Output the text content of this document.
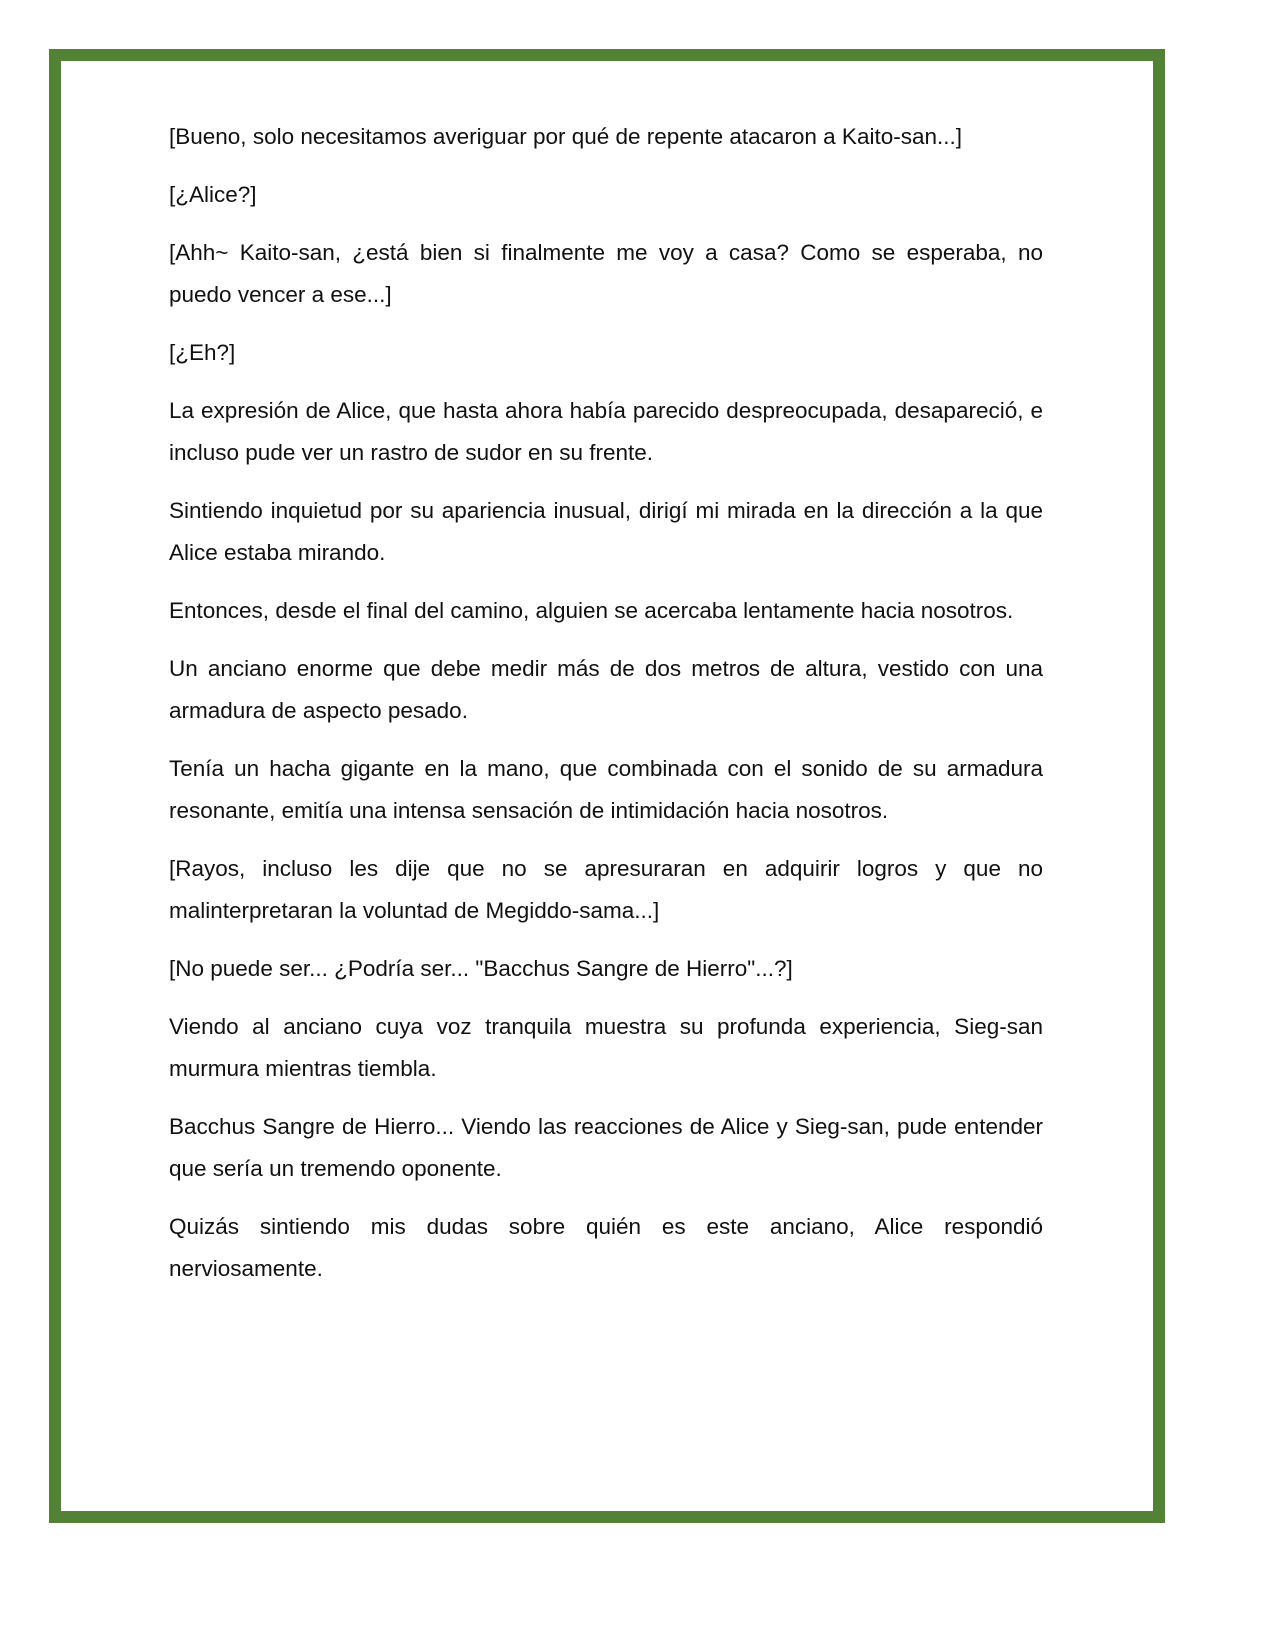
[Bueno, solo necesitamos averiguar por qué de repente atacaron a Kaito-san...]

[¿Alice?]

[Ahh~ Kaito-san, ¿está bien si finalmente me voy a casa? Como se esperaba, no puedo vencer a ese...]

[¿Eh?]

La expresión de Alice, que hasta ahora había parecido despreocupada, desapareció, e incluso pude ver un rastro de sudor en su frente.

Sintiendo inquietud por su apariencia inusual, dirigí mi mirada en la dirección a la que Alice estaba mirando.

Entonces, desde el final del camino, alguien se acercaba lentamente hacia nosotros.

Un anciano enorme que debe medir más de dos metros de altura, vestido con una armadura de aspecto pesado.

Tenía un hacha gigante en la mano, que combinada con el sonido de su armadura resonante, emitía una intensa sensación de intimidación hacia nosotros.

[Rayos, incluso les dije que no se apresuraran en adquirir logros y que no malinterpretaran la voluntad de Megiddo-sama...]

[No puede ser... ¿Podría ser... "Bacchus Sangre de Hierro"...?]

Viendo al anciano cuya voz tranquila muestra su profunda experiencia, Sieg-san murmura mientras tiembla.

Bacchus Sangre de Hierro... Viendo las reacciones de Alice y Sieg-san, pude entender que sería un tremendo oponente.

Quizás sintiendo mis dudas sobre quién es este anciano, Alice respondió nerviosamente.
